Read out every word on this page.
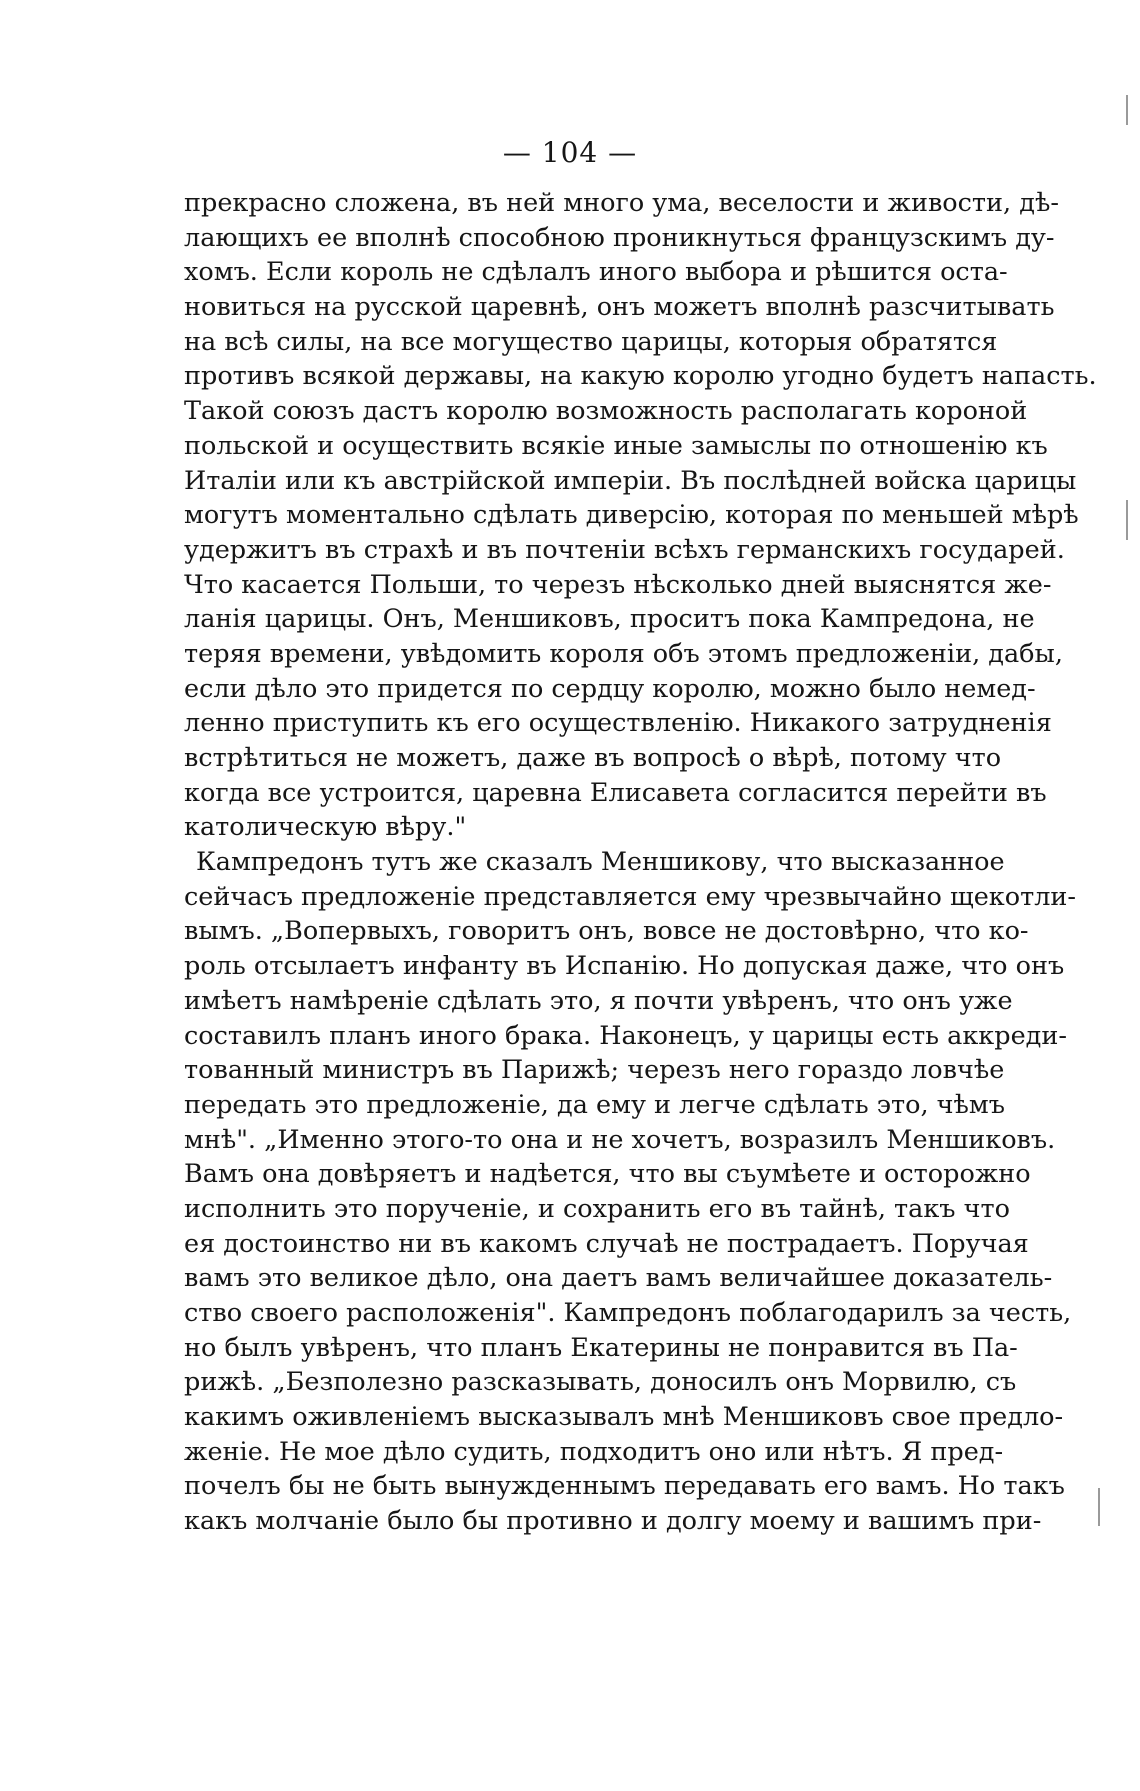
— 104 —
прекрасно сложена, въ ней много ума, веселости и живости, дѣ-
лающихъ ее вполнѣ способною проникнуться французскимъ ду-
хомъ. Если король не сдѣлалъ иного выбора и рѣшится оста-
новиться на русской царевнѣ, онъ можетъ вполнѣ разсчитывать
на всѣ силы, на все могущество царицы, которыя обратятся
противъ всякой державы, на какую королю угодно будетъ напасть.
Такой союзъ дастъ королю возможность располагать короной
польской и осуществить всякіе иные замыслы по отношенію къ
Италіи или къ австрійской имперіи. Въ послѣдней войска царицы
могутъ моментально сдѣлать диверсію, которая по меньшей мѣрѣ
удержитъ въ страхѣ и въ почтеніи всѣхъ германскихъ государей.
Что касается Польши, то черезъ нѣсколько дней выяснятся же-
ланія царицы. Онъ, Меншиковъ, проситъ пока Кампредона, не
теряя времени, увѣдомить короля объ этомъ предложеніи, дабы,
если дѣло это придется по сердцу королю, можно было немед-
ленно приступить къ его осуществленію. Никакого затрудненія
встрѣтиться не можетъ, даже въ вопросѣ о вѣрѣ, потому что
когда все устроится, царевна Елисавета согласится перейти въ
католическую вѣру."
Кампредонъ тутъ же сказалъ Меншикову, что высказанное
сейчасъ предложеніе представляется ему чрезвычайно щекотли-
вымъ. „Вопервыхъ, говоритъ онъ, вовсе не достовѣрно, что ко-
роль отсылаетъ инфанту въ Испанію. Но допуская даже, что онъ
имѣетъ намѣреніе сдѣлать это, я почти увѣренъ, что онъ уже
составилъ планъ иного брака. Наконецъ, у царицы есть аккреди-
тованный министръ въ Парижѣ; черезъ него гораздо ловчѣе
передать это предложеніе, да ему и легче сдѣлать это, чѣмъ
мнѣ". „Именно этого-то она и не хочетъ, возразилъ Меншиковъ.
Вамъ она довѣряетъ и надѣется, что вы съумѣете и осторожно
исполнить это порученіе, и сохранить его въ тайнѣ, такъ что
ея достоинство ни въ какомъ случаѣ не пострадаетъ. Поручая
вамъ это великое дѣло, она даетъ вамъ величайшее доказатель-
ство своего расположенія". Кампредонъ поблагодарилъ за честь,
но былъ увѣренъ, что планъ Екатерины не понравится въ Па-
рижѣ. „Безполезно разсказывать, доносилъ онъ Морвилю, съ
какимъ оживленіемъ высказывалъ мнѣ Меншиковъ свое предло-
женіе. Не мое дѣло судить, подходитъ оно или нѣтъ. Я пред-
почелъ бы не быть вынужденнымъ передавать его вамъ. Но такъ
какъ молчаніе было бы противно и долгу моему и вашимъ при-
